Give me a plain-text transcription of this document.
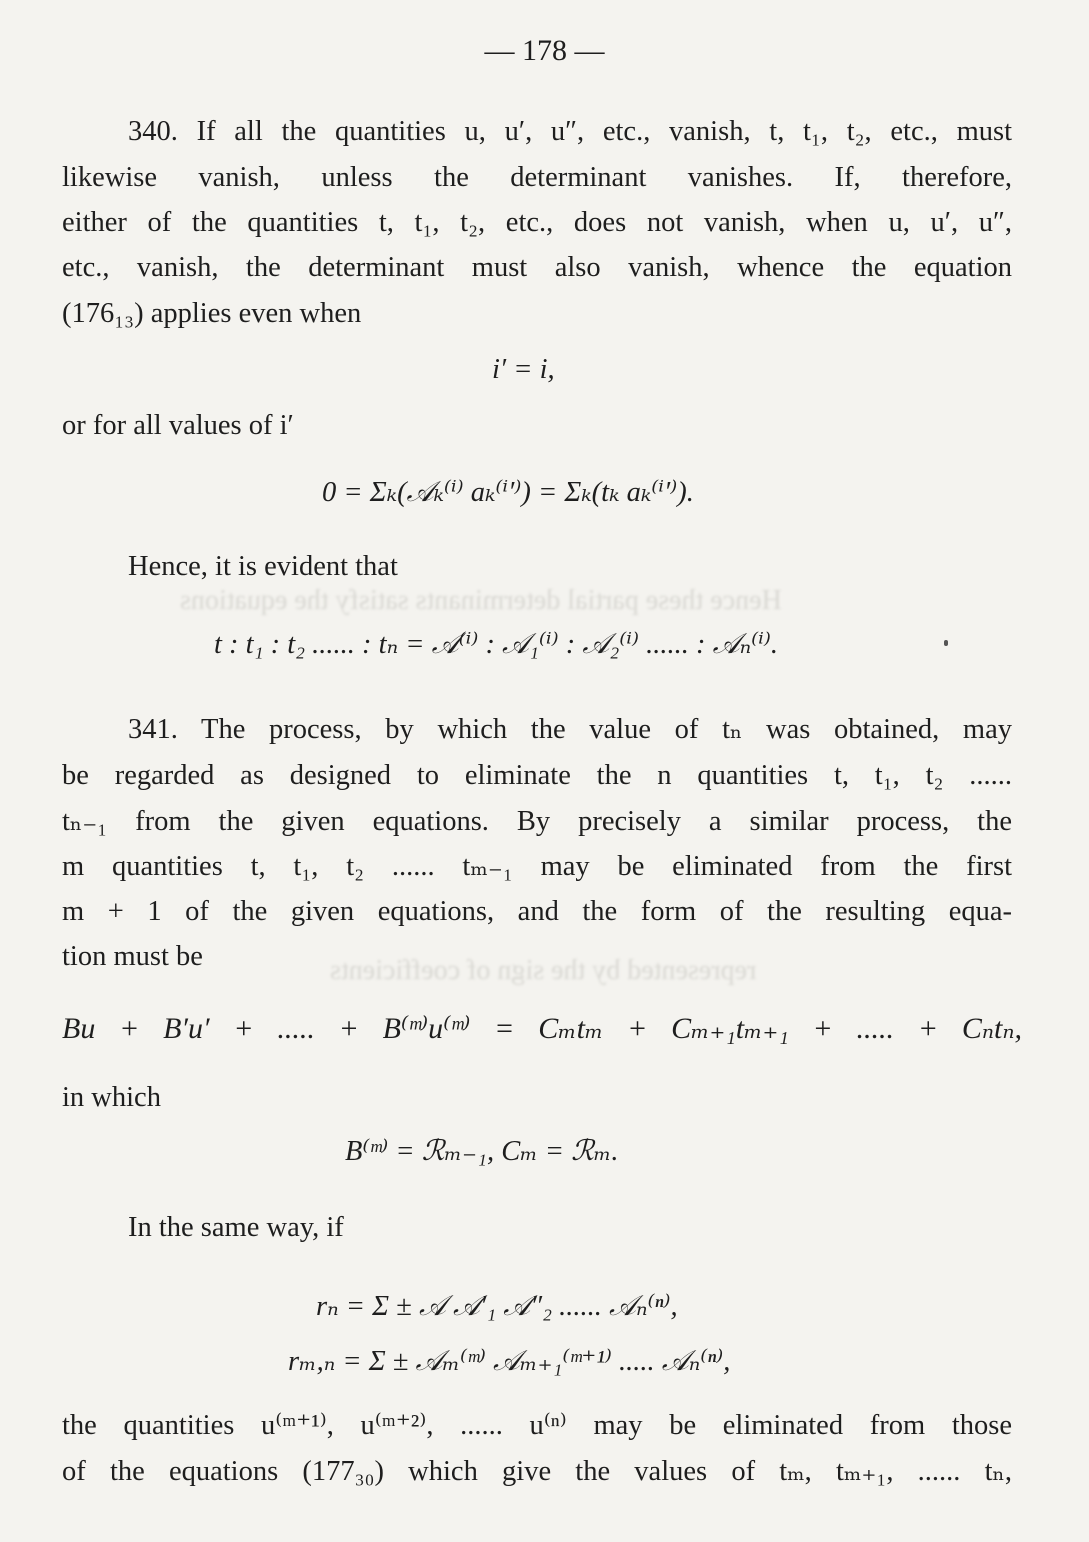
Hence these partial determinants satisfy the equations
represented by the sign of coefficients
— 178 —
340. If all the quantities u, u′, u″, etc., vanish, t, t₁, t₂, etc., must
likewise vanish, unless the determinant vanishes. If, therefore,
either of the quantities t, t₁, t₂, etc., does not vanish, when u, u′, u″,
etc., vanish, the determinant must also vanish, whence the equation
(176₁₃) applies even when
i′ = i,
or for all values of i′
0 = Σₖ(𝒜ₖ⁽ⁱ⁾ aₖ⁽ⁱ′⁾) = Σₖ(tₖ aₖ⁽ⁱ′⁾).
Hence, it is evident that
t : t₁ : t₂ ...... : tₙ = 𝒜⁽ⁱ⁾ : 𝒜₁⁽ⁱ⁾ : 𝒜₂⁽ⁱ⁾ ...... : 𝒜ₙ⁽ⁱ⁾.
341. The process, by which the value of tₙ was obtained, may
be regarded as designed to eliminate the n quantities t, t₁, t₂ ......
tₙ₋₁ from the given equations. By precisely a similar process, the
m quantities t, t₁, t₂ ...... tₘ₋₁ may be eliminated from the first
m + 1 of the given equations, and the form of the resulting equa-
tion must be
Bu + B′u′ + ..... + B⁽ᵐ⁾u⁽ᵐ⁾ = Cₘtₘ + Cₘ₊₁tₘ₊₁ + ..... + Cₙtₙ,
in which
B⁽ᵐ⁾ = ℛₘ₋₁, Cₘ = ℛₘ.
In the same way, if
rₙ = Σ ± 𝒜 𝒜′₁ 𝒜″₂ ...... 𝒜ₙ⁽ⁿ⁾,
rₘ,ₙ = Σ ± 𝒜ₘ⁽ᵐ⁾ 𝒜ₘ₊₁⁽ᵐ⁺¹⁾ ..... 𝒜ₙ⁽ⁿ⁾,
the quantities u⁽ᵐ⁺¹⁾, u⁽ᵐ⁺²⁾, ...... u⁽ⁿ⁾ may be eliminated from those
of the equations (177₃₀) which give the values of tₘ, tₘ₊₁, ...... tₙ,
